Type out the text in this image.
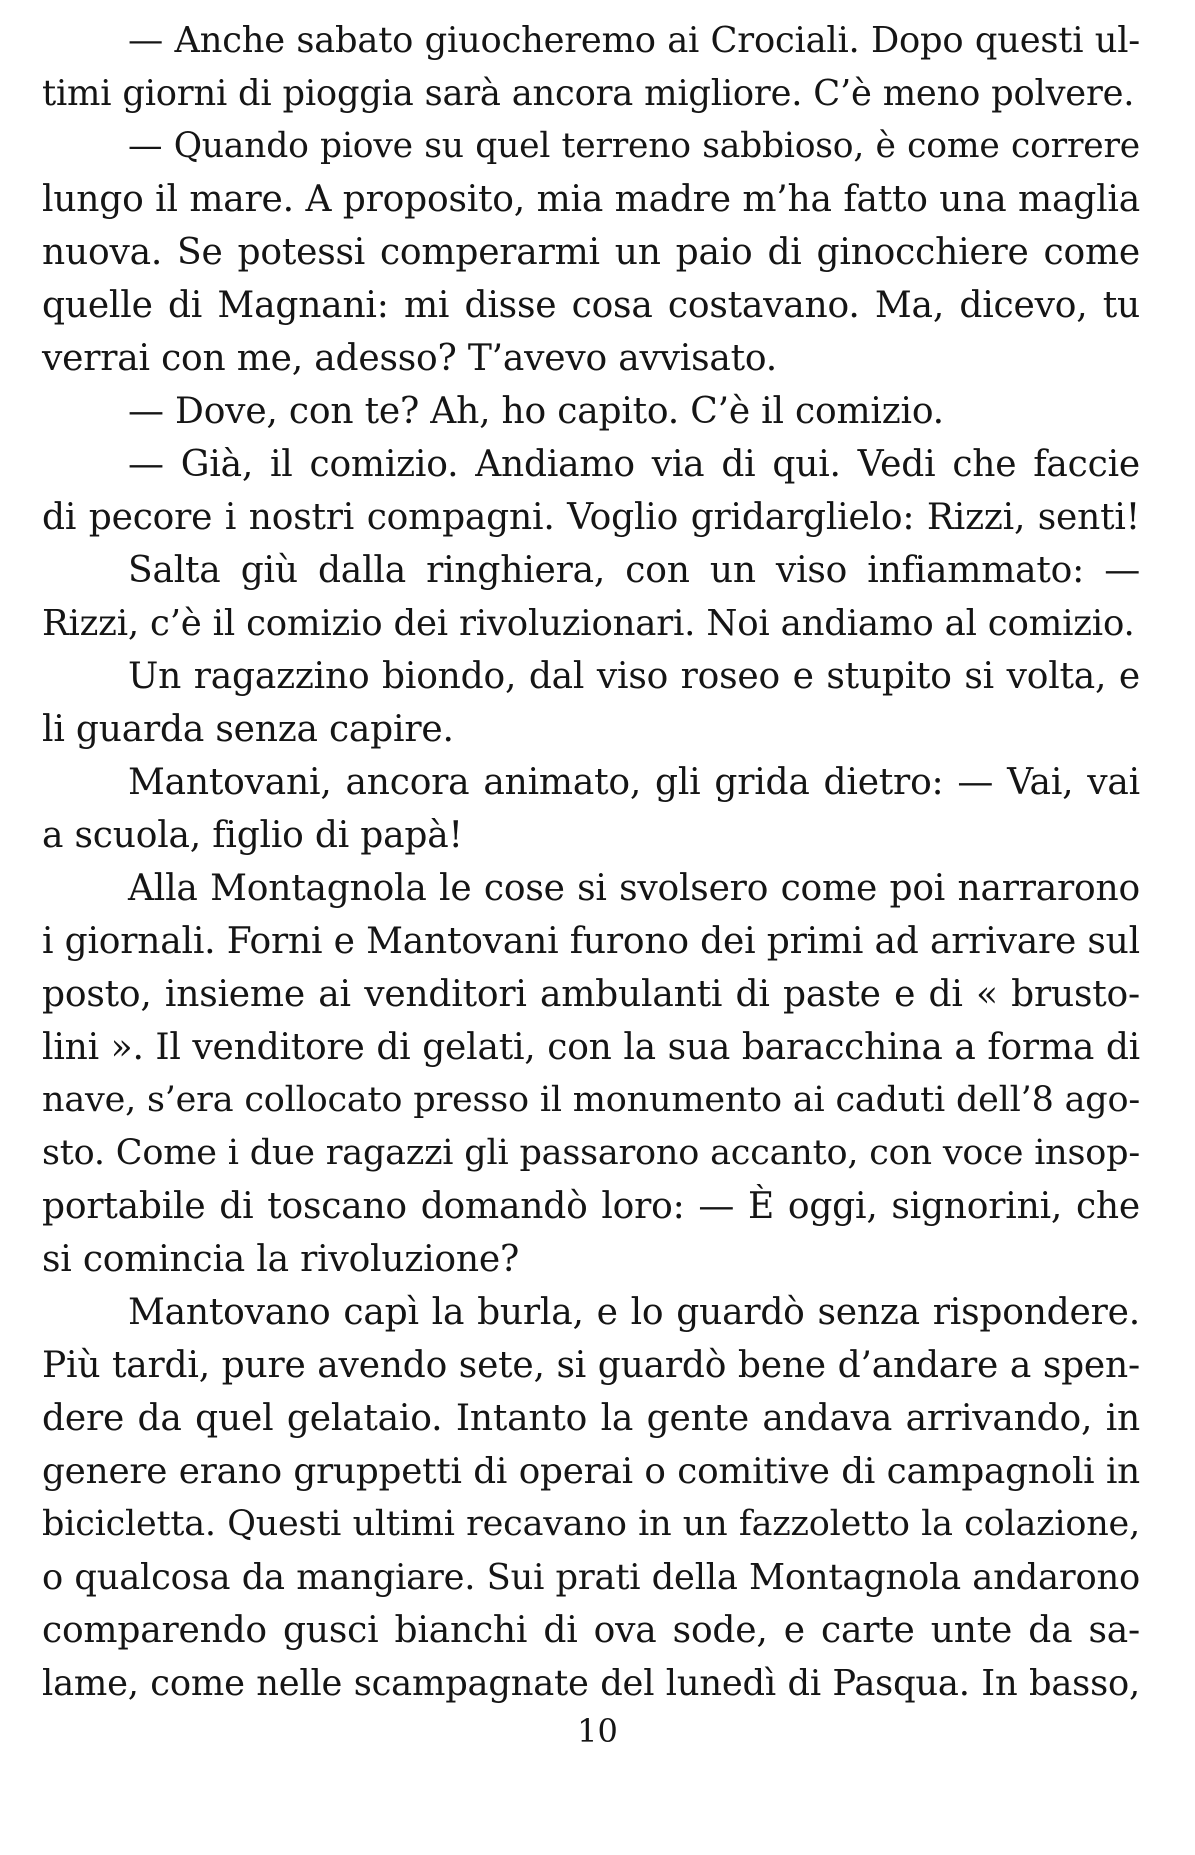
— Anche sabato giuocheremo ai Crociali. Dopo questi ul-
timi giorni di pioggia sarà ancora migliore. C’è meno polvere.
— Quando piove su quel terreno sabbioso, è come correre
lungo il mare. A proposito, mia madre m’ha fatto una maglia
nuova. Se potessi comperarmi un paio di ginocchiere come
quelle di Magnani: mi disse cosa costavano. Ma, dicevo, tu
verrai con me, adesso? T’avevo avvisato.
— Dove, con te? Ah, ho capito. C’è il comizio.
— Già, il comizio. Andiamo via di qui. Vedi che faccie
di pecore i nostri compagni. Voglio gridarglielo: Rizzi, senti!
Salta giù dalla ringhiera, con un viso infiammato: —
Rizzi, c’è il comizio dei rivoluzionari. Noi andiamo al comizio.
Un ragazzino biondo, dal viso roseo e stupito si volta, e
li guarda senza capire.
Mantovani, ancora animato, gli grida dietro: — Vai, vai
a scuola, figlio di papà!
Alla Montagnola le cose si svolsero come poi narrarono
i giornali. Forni e Mantovani furono dei primi ad arrivare sul
posto, insieme ai venditori ambulanti di paste e di « brusto-
lini ». Il venditore di gelati, con la sua baracchina a forma di
nave, s’era collocato presso il monumento ai caduti dell’8 ago-
sto. Come i due ragazzi gli passarono accanto, con voce insop-
portabile di toscano domandò loro: — È oggi, signorini, che
si comincia la rivoluzione?
Mantovano capì la burla, e lo guardò senza rispondere.
Più tardi, pure avendo sete, si guardò bene d’andare a spen-
dere da quel gelataio. Intanto la gente andava arrivando, in
genere erano gruppetti di operai o comitive di campagnoli in
bicicletta. Questi ultimi recavano in un fazzoletto la colazione,
o qualcosa da mangiare. Sui prati della Montagnola andarono
comparendo gusci bianchi di ova sode, e carte unte da sa-
lame, come nelle scampagnate del lunedì di Pasqua. In basso,
10
